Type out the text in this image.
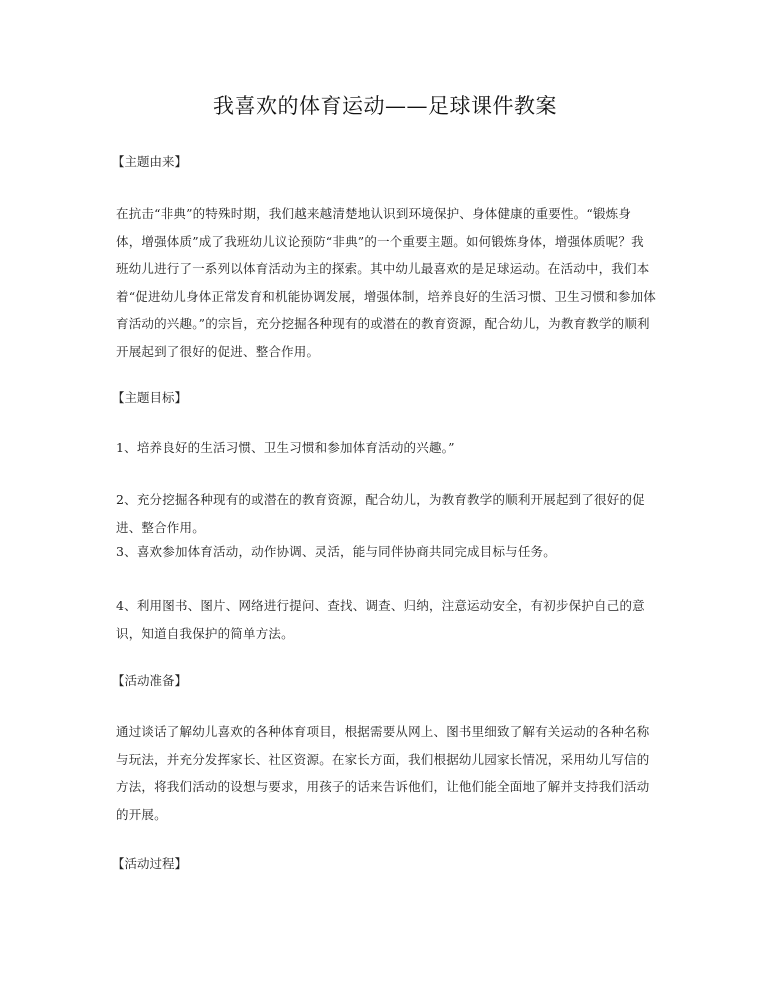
我喜欢的体育运动——足球课件教案
【主题由来】
在抗击“非典”的特殊时期，我们越来越清楚地认识到环境保护、身体健康的重要性。“锻炼身体，增强体质”成了我班幼儿议论预防“非典”的一个重要主题。如何锻炼身体，增强体质呢？我班幼儿进行了一系列以体育活动为主的探索。其中幼儿最喜欢的是足球运动。在活动中，我们本着“促进幼儿身体正常发育和机能协调发展，增强体制，培养良好的生活习惯、卫生习惯和参加体育活动的兴趣。”的宗旨，充分挖掘各种现有的或潜在的教育资源，配合幼儿，为教育教学的顺利开展起到了很好的促进、整合作用。
【主题目标】
1、培养良好的生活习惯、卫生习惯和参加体育活动的兴趣。”
2、充分挖掘各种现有的或潜在的教育资源，配合幼儿，为教育教学的顺利开展起到了很好的促进、整合作用。
3、喜欢参加体育活动，动作协调、灵活，能与同伴协商共同完成目标与任务。
4、利用图书、图片、网络进行提问、查找、调查、归纳，注意运动安全，有初步保护自己的意识，知道自我保护的简单方法。
【活动准备】
通过谈话了解幼儿喜欢的各种体育项目，根据需要从网上、图书里细致了解有关运动的各种名称与玩法，并充分发挥家长、社区资源。在家长方面，我们根据幼儿园家长情况，采用幼儿写信的方法，将我们活动的设想与要求，用孩子的话来告诉他们，让他们能全面地了解并支持我们活动的开展。
【活动过程】
